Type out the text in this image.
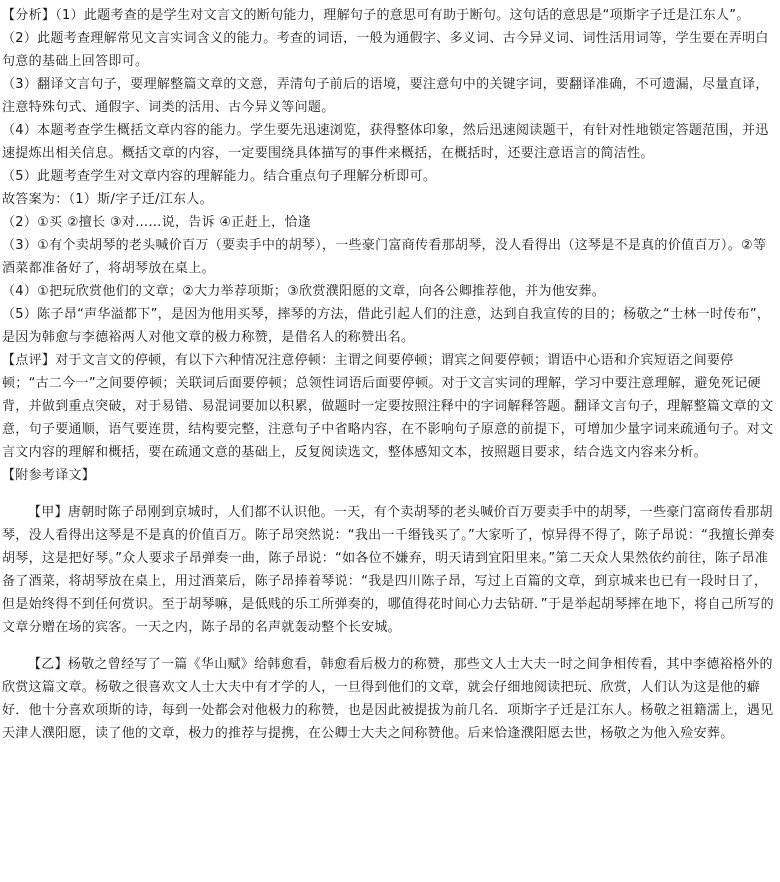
【分析】（1）此题考查的是学生对文言文的断句能力，理解句子的意思可有助于断句。这句话的意思是“项斯字子迁是江东人”。

（2）此题考查理解常见文言实词含义的能力。考查的词语，一般为通假字、多义词、古今异义词、词性活用词等，学生要在弄明白句意的基础上回答即可。

（3）翻译文言句子，要理解整篇文章的文意，弄清句子前后的语境，要注意句中的关键字词，要翻译准确，不可遗漏，尽量直译，注意特殊句式、通假字、词类的活用、古今异义等问题。

（4）本题考查学生概括文章内容的能力。学生要先迅速浏览，获得整体印象，然后迅速阅读题干，有针对性地锁定答题范围，并迅速提炼出相关信息。概括文章的内容，一定要围绕具体描写的事件来概括，在概括时，还要注意语言的简洁性。

（5）此题考查学生对文章内容的理解能力。结合重点句子理解分析即可。

故答案为：（1）斯/字子迁/江东人。

（2）①买 ②擅长 ③对……说，告诉 ④正赶上，恰逢

（3）①有个卖胡琴的老头喊价百万（要卖手中的胡琴），一些豪门富商传看那胡琴，没人看得出（这琴是不是真的价值百万）。②等酒菜都准备好了，将胡琴放在桌上。

（4）①把玩欣赏他们的文章；②大力举荐项斯；③欣赏濮阳愿的文章，向各公卿推荐他，并为他安葬。

（5）陈子昂“声华溢都下”，是因为他用买琴，摔琴的方法，借此引起人们的注意，达到自我宣传的目的；杨敬之“士林一时传布”，是因为韩愈与李德裕两人对他文章的极力称赞，是借名人的称赞出名。

【点评】对于文言文的停顿，有以下六种情况注意停顿：主谓之间要停顿；谓宾之间要停顿；谓语中心语和介宾短语之间要停顿；“古二今一”之间要停顿；关联词后面要停顿；总领性词语后面要停顿。对于文言实词的理解，学习中要注意理解，避免死记硬背，并做到重点突破，对于易错、易混词要加以积累，做题时一定要按照注释中的字词解释答题。翻译文言句子，理解整篇文章的文意，句子要通顺，语气要连贯，结构要完整，注意句子中省略内容，在不影响句子原意的前提下，可增加少量字词来疏通句子。对文言文内容的理解和概括，要在疏通文意的基础上，反复阅读选文，整体感知文本，按照题目要求，结合选文内容来分析。

【附参考译文】

【甲】唐朝时陈子昂刚到京城时，人们都不认识他。一天，有个卖胡琴的老头喊价百万要卖手中的胡琴，一些豪门富商传看那胡琴，没人看得出这琴是不是真的价值百万。陈子昂突然说：“我出一千缗钱买了。”大家听了，惊异得不得了，陈子昂说：“我擅长弹奏胡琴，这是把好琴。”众人要求子昂弹奏一曲，陈子昂说：“如各位不嫌弃，明天请到宜阳里来。”第二天众人果然依约前往，陈子昂准备了酒菜，将胡琴放在桌上，用过酒菜后，陈子昂捧着琴说：“我是四川陈子昂，写过上百篇的文章，到京城来也已有一段时日了，但是始终得不到任何赏识。至于胡琴嘛，是低贱的乐工所弹奏的，哪值得花时间心力去钻研．”于是举起胡琴摔在地下，将自己所写的文章分赠在场的宾客。一天之内，陈子昂的名声就轰动整个长安城。

【乙】杨敬之曾经写了一篇《华山赋》给韩愈看，韩愈看后极力的称赞，那些文人士大夫一时之间争相传看，其中李德裕格外的欣赏这篇文章。杨敬之很喜欢文人士大夫中有才学的人，一旦得到他们的文章，就会仔细地阅读把玩、欣赏，人们认为这是他的癖好．他十分喜欢项斯的诗，每到一处都会对他极力的称赞，也是因此被提拔为前几名．项斯字子迁是江东人。杨敬之祖籍濡上，遇见天津人濮阳愿，读了他的文章，极力的推荐与提携，在公卿士大夫之间称赞他。后来恰逢濮阳愿去世，杨敬之为他入殓安葬。
